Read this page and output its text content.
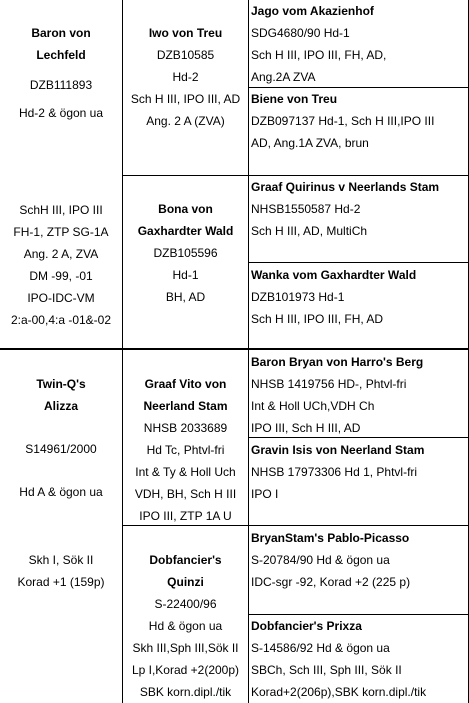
Baron von
Lechfeld
DZB111893
Hd-2 & ögon ua
SchH III, IPO III
FH-1, ZTP SG-1A
Ang. 2 A, ZVA
DM -99, -01
IPO-IDC-VM
2:a-00,4:a -01&-02
Iwo von Treu
DZB10585
Hd-2
Sch H III, IPO III, AD
Ang. 2 A (ZVA)
Bona von
Gaxhardter Wald
DZB105596
Hd-1
BH, AD
Jago vom Akazienhof
SDG4680/90 Hd-1
Sch H III, IPO III, FH, AD,
Ang.2A ZVA
Biene von Treu
DZB097137 Hd-1, Sch H III,IPO III
AD, Ang.1A ZVA, brun
Graaf Quirinus v Neerlands Stam
NHSB1550587 Hd-2
Sch H III, AD, MultiCh
Wanka vom Gaxhardter Wald
DZB101973 Hd-1
Sch H III, IPO III, FH, AD
Baron Bryan von Harro's Berg
NHSB 1419756 HD-, Phtvl-fri
Int & Holl UCh,VDH Ch
IPO III, Sch H III, AD
Gravin Isis von Neerland Stam
NHSB 17973306 Hd 1, Phtvl-fri
IPO I
BryanStam's Pablo-Picasso
S-20784/90 Hd & ögon ua
IDC-sgr -92, Korad +2 (225 p)
Dobfancier's Prixza
S-14586/92 Hd & ögon ua
SBCh, Sch III, Sph III, Sök II
Korad+2(206p),SBK korn.dipl./tik
Twin-Q's
Alizza
S14961/2000
Hd A & ögon ua
Skh I, Sök II
Korad +1 (159p)
Graaf Vito von
Neerland Stam
NHSB 2033689
Hd Tc, Phtvl-fri
Int & Ty & Holl Uch
VDH, BH, Sch H III
IPO III, ZTP 1A U
Dobfancier's
Quinzi
S-22400/96
Hd & ögon ua
Skh III,Sph III,Sök II
Lp I,Korad +2(200p)
SBK korn.dipl./tik
